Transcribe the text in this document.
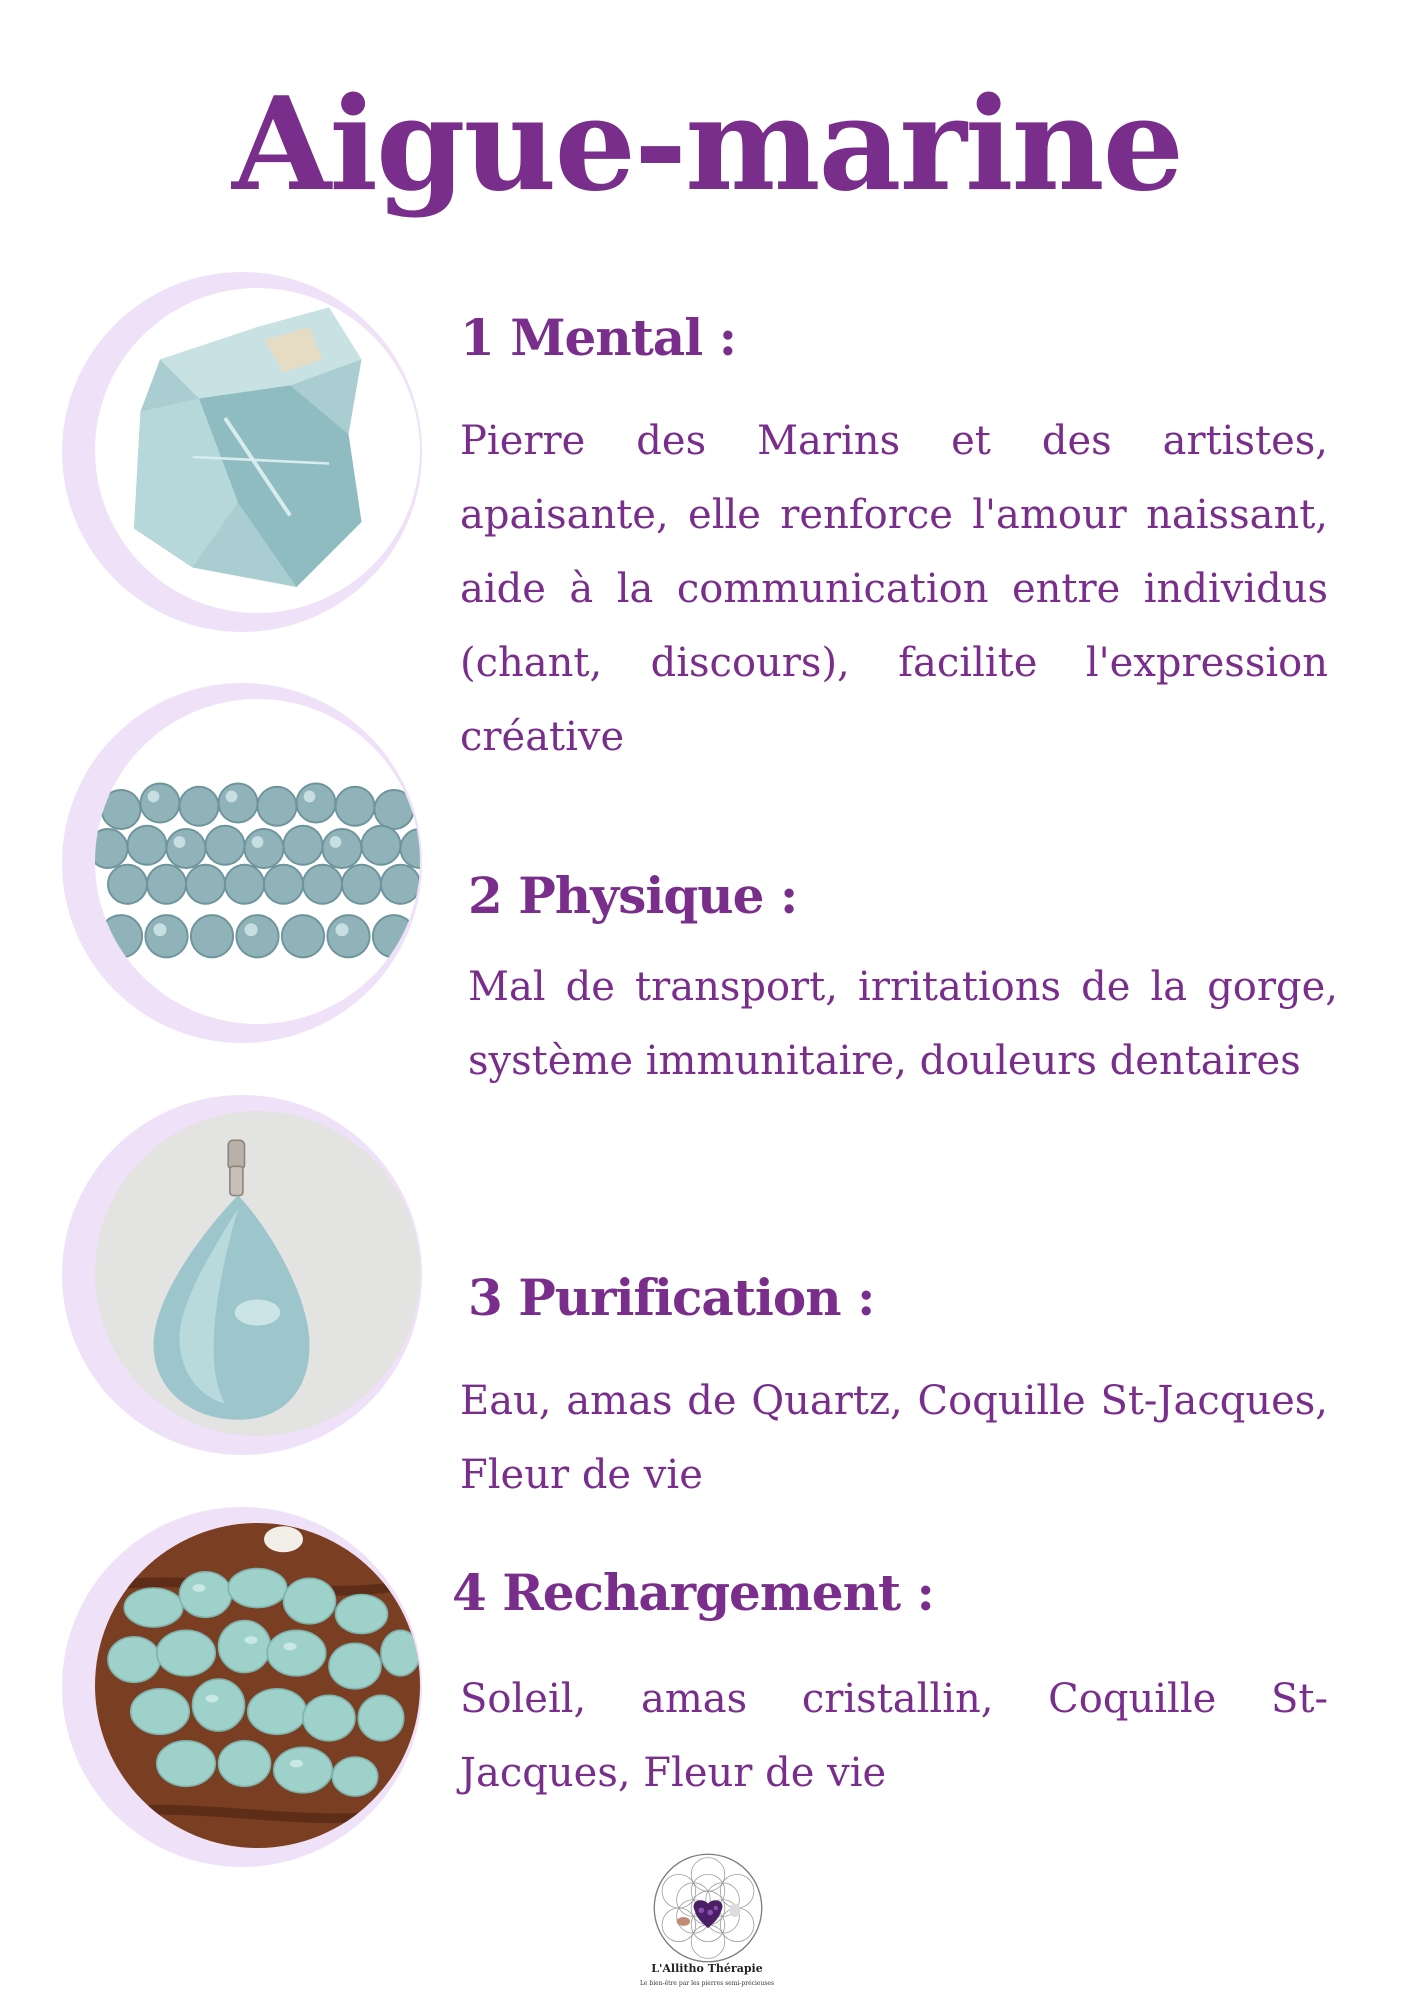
Aigue-marine
1 Mental :

Pierre des Marins et des artistes, apaisante, elle renforce l'amour naissant, aide à la communication entre individus (chant, discours), facilite l'expression créative

2 Physique :

Mal de transport, irritations de la gorge, système immunitaire, douleurs dentaires

3 Purification :

Eau, amas de Quartz, Coquille St-Jacques, Fleur de vie

4 Rechargement :

Soleil, amas cristallin, Coquille St-Jacques, Fleur de vie

L'Allitho Thérapie
Le bien-être par les pierres semi-précieuses
